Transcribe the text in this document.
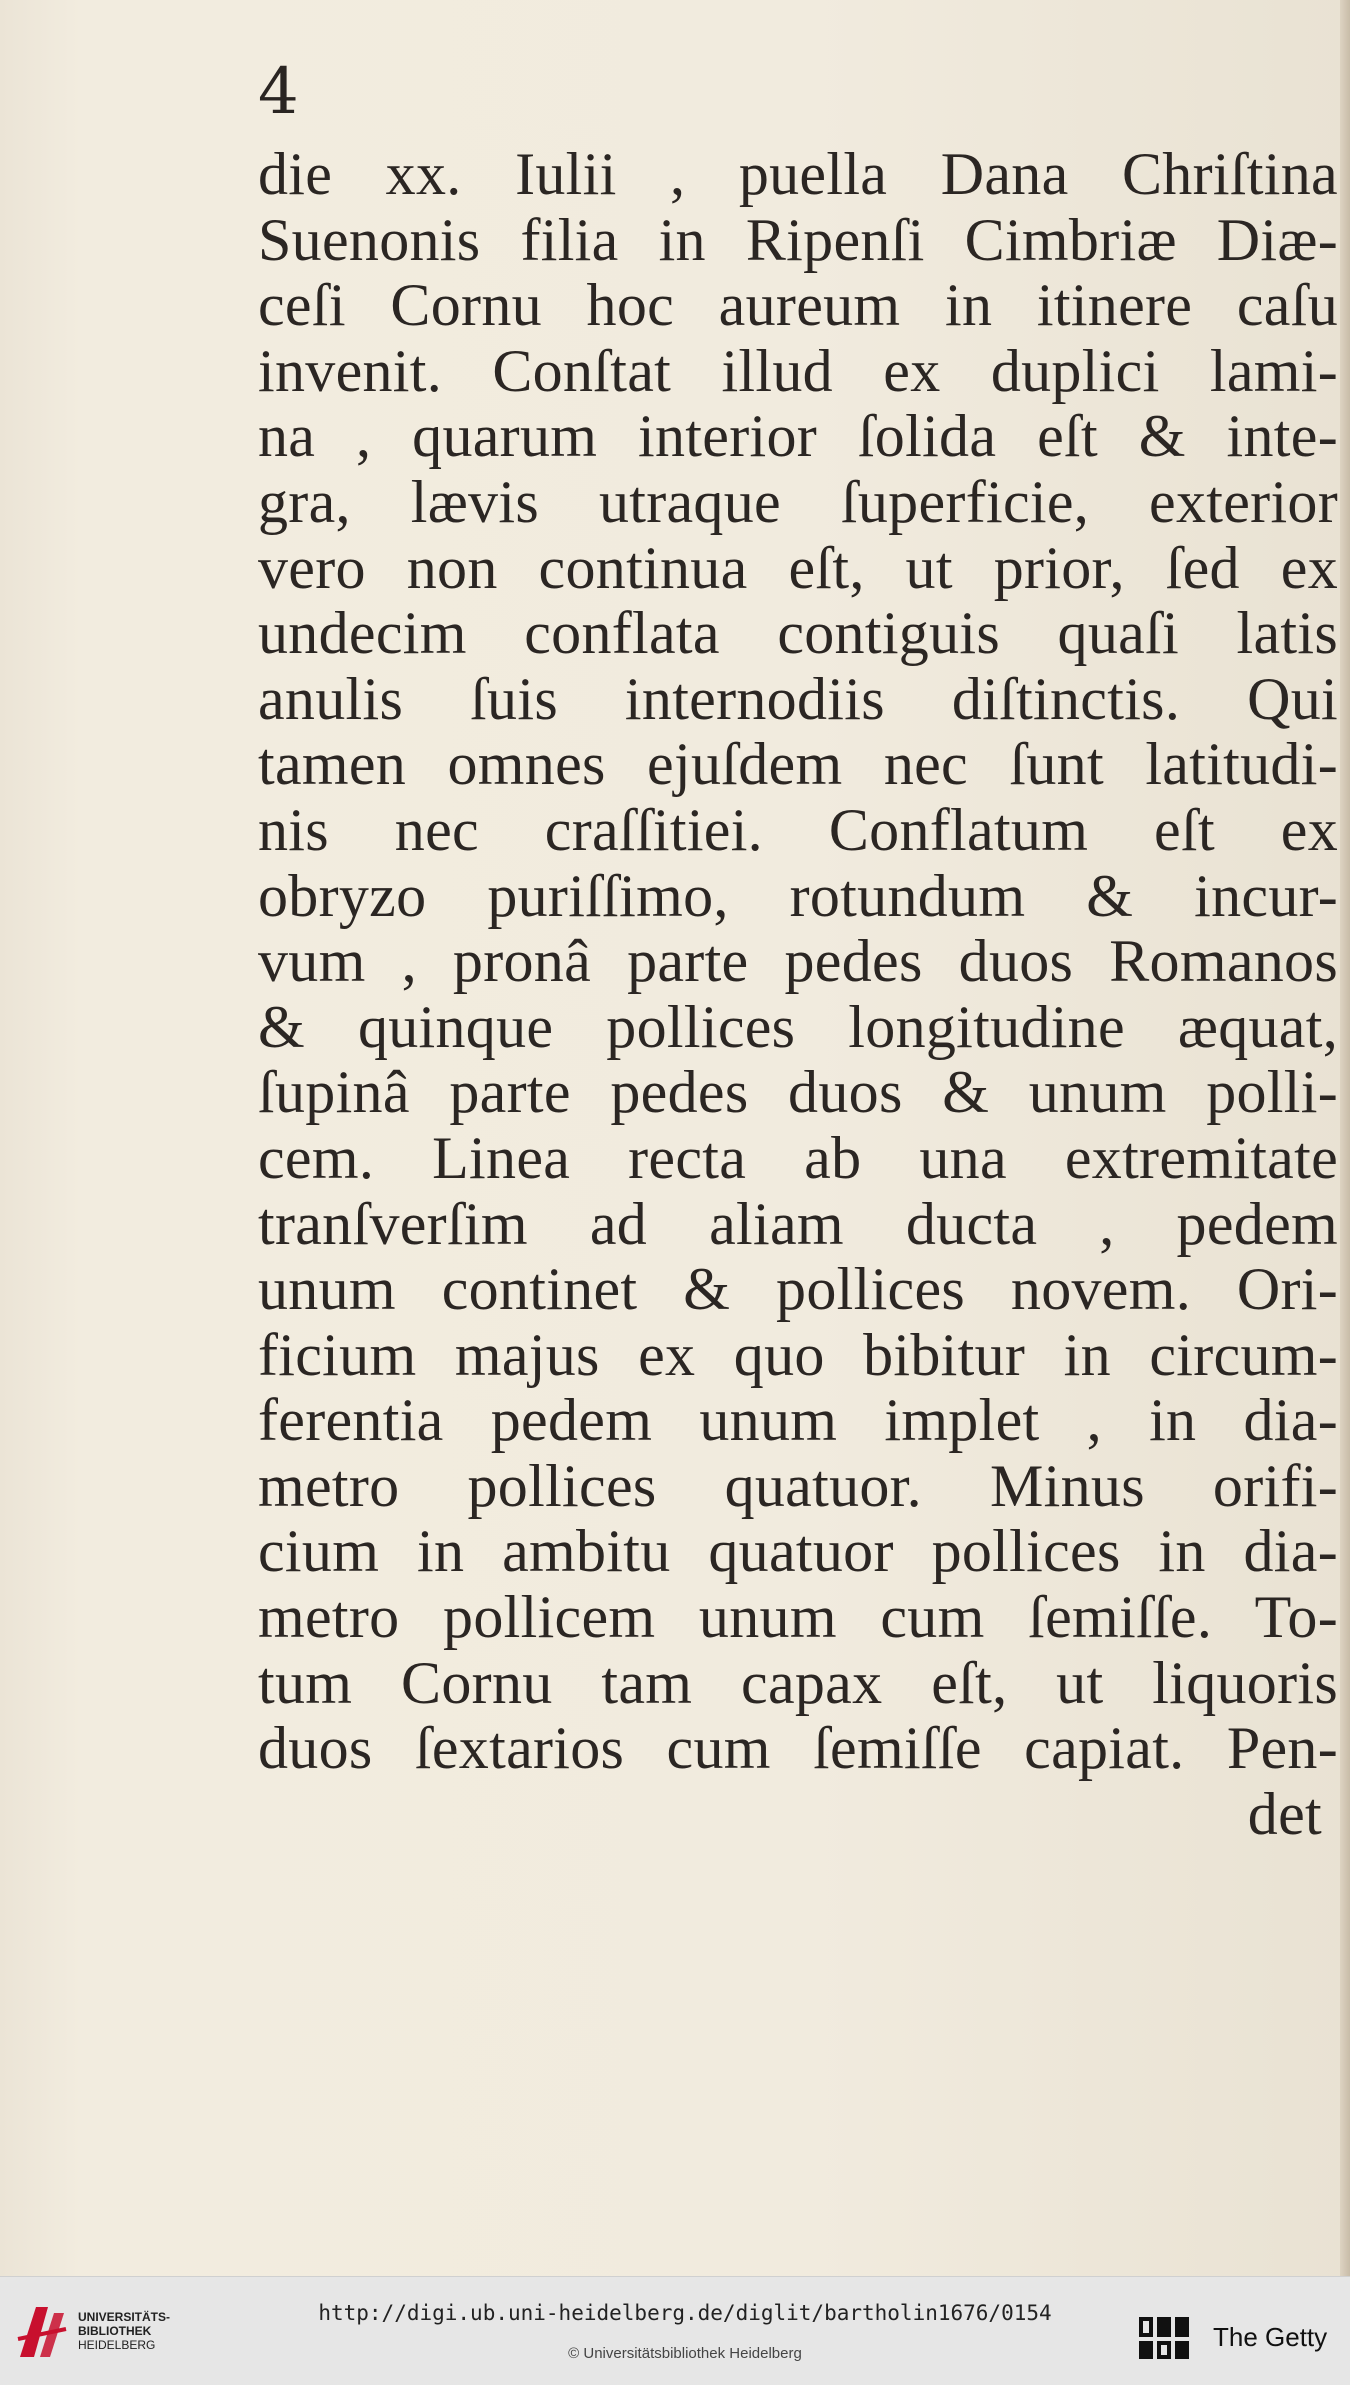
4
die xx. Iulii , puella Dana Chriſtina
Suenonis filia in Ripenſi Cimbriæ Diæ-
ceſi Cornu hoc aureum in itinere caſu
invenit. Conſtat illud ex duplici lami-
na , quarum interior ſolida eſt & inte-
gra, lævis utraque ſuperficie, exterior
vero non continua eſt, ut prior, ſed ex
undecim conflata contiguis quaſi latis
anulis ſuis internodiis diſtinctis. Qui
tamen omnes ejuſdem nec ſunt latitudi-
nis nec craſſitiei. Conflatum eſt ex
obryzo puriſſimo, rotundum & incur-
vum , pronâ parte pedes duos Romanos
& quinque pollices longitudine æquat,
ſupinâ parte pedes duos & unum polli-
cem. Linea recta ab una extremitate
tranſverſim ad aliam ducta , pedem
unum continet & pollices novem. Ori-
ficium majus ex quo bibitur in circum-
ferentia pedem unum implet , in dia-
metro pollices quatuor. Minus orifi-
cium in ambitu quatuor pollices in dia-
metro pollicem unum cum ſemiſſe. To-
tum Cornu tam capax eſt, ut liquoris
duos ſextarios cum ſemiſſe capiat. Pen-
det
UNIVERSITÄTS-
BIBLIOTHEK
HEIDELBERG
http://digi.ub.uni-heidelberg.de/diglit/bartholin1676/0154
© Universitätsbibliothek Heidelberg
The Getty
